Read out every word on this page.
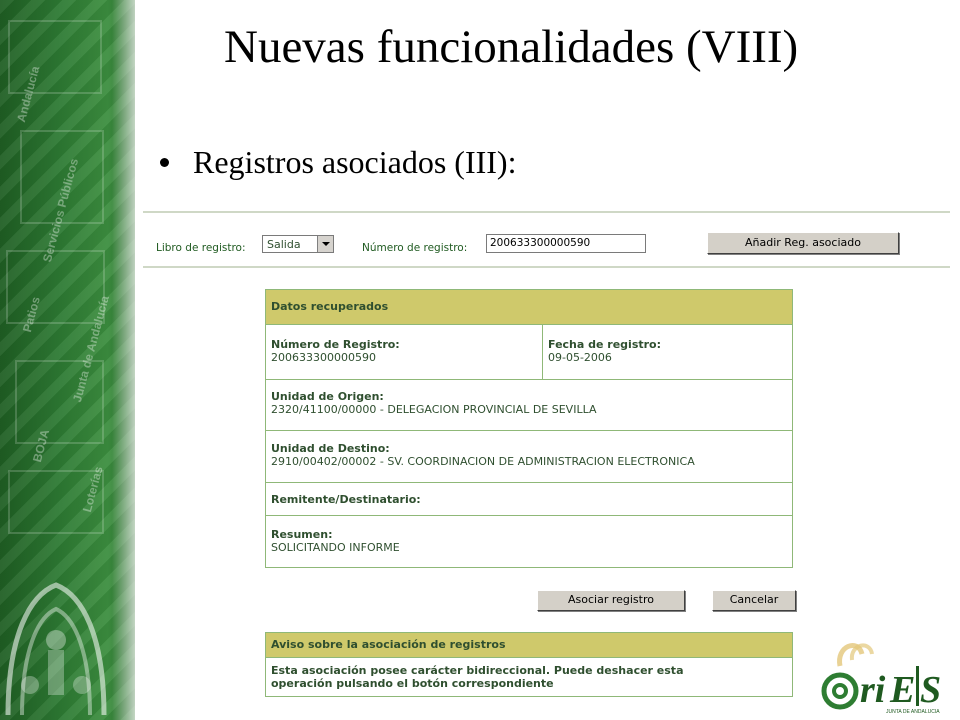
Andalucía
Servicios Públicos
Patios Junta de Andalucía
BOJA
Loterías
Nuevas funcionalidades (VIII)
Registros asociados (III):
Libro de registro: Salida	Número de registro:	200633300000590	Añadir Reg. asociado
Datos recuperados
Número de Registro:
200633300000590
Fecha de registro:
09-05-2006
Unidad de Origen:
2320/41100/00000 - DELEGACION PROVINCIAL DE SEVILLA
Unidad de Destino:
2910/00402/00002 - SV. COORDINACION DE ADMINISTRACION ELECTRONICA
Remitente/Destinatario:
Resumen:
SOLICITANDO INFORME
Asociar registro	Cancelar
Aviso sobre la asociación de registros
Esta asociación posee carácter bidireccional. Puede deshacer esta
operación pulsando el botón correspondiente	ri E S
JUNTA DE ANDALUCIA
